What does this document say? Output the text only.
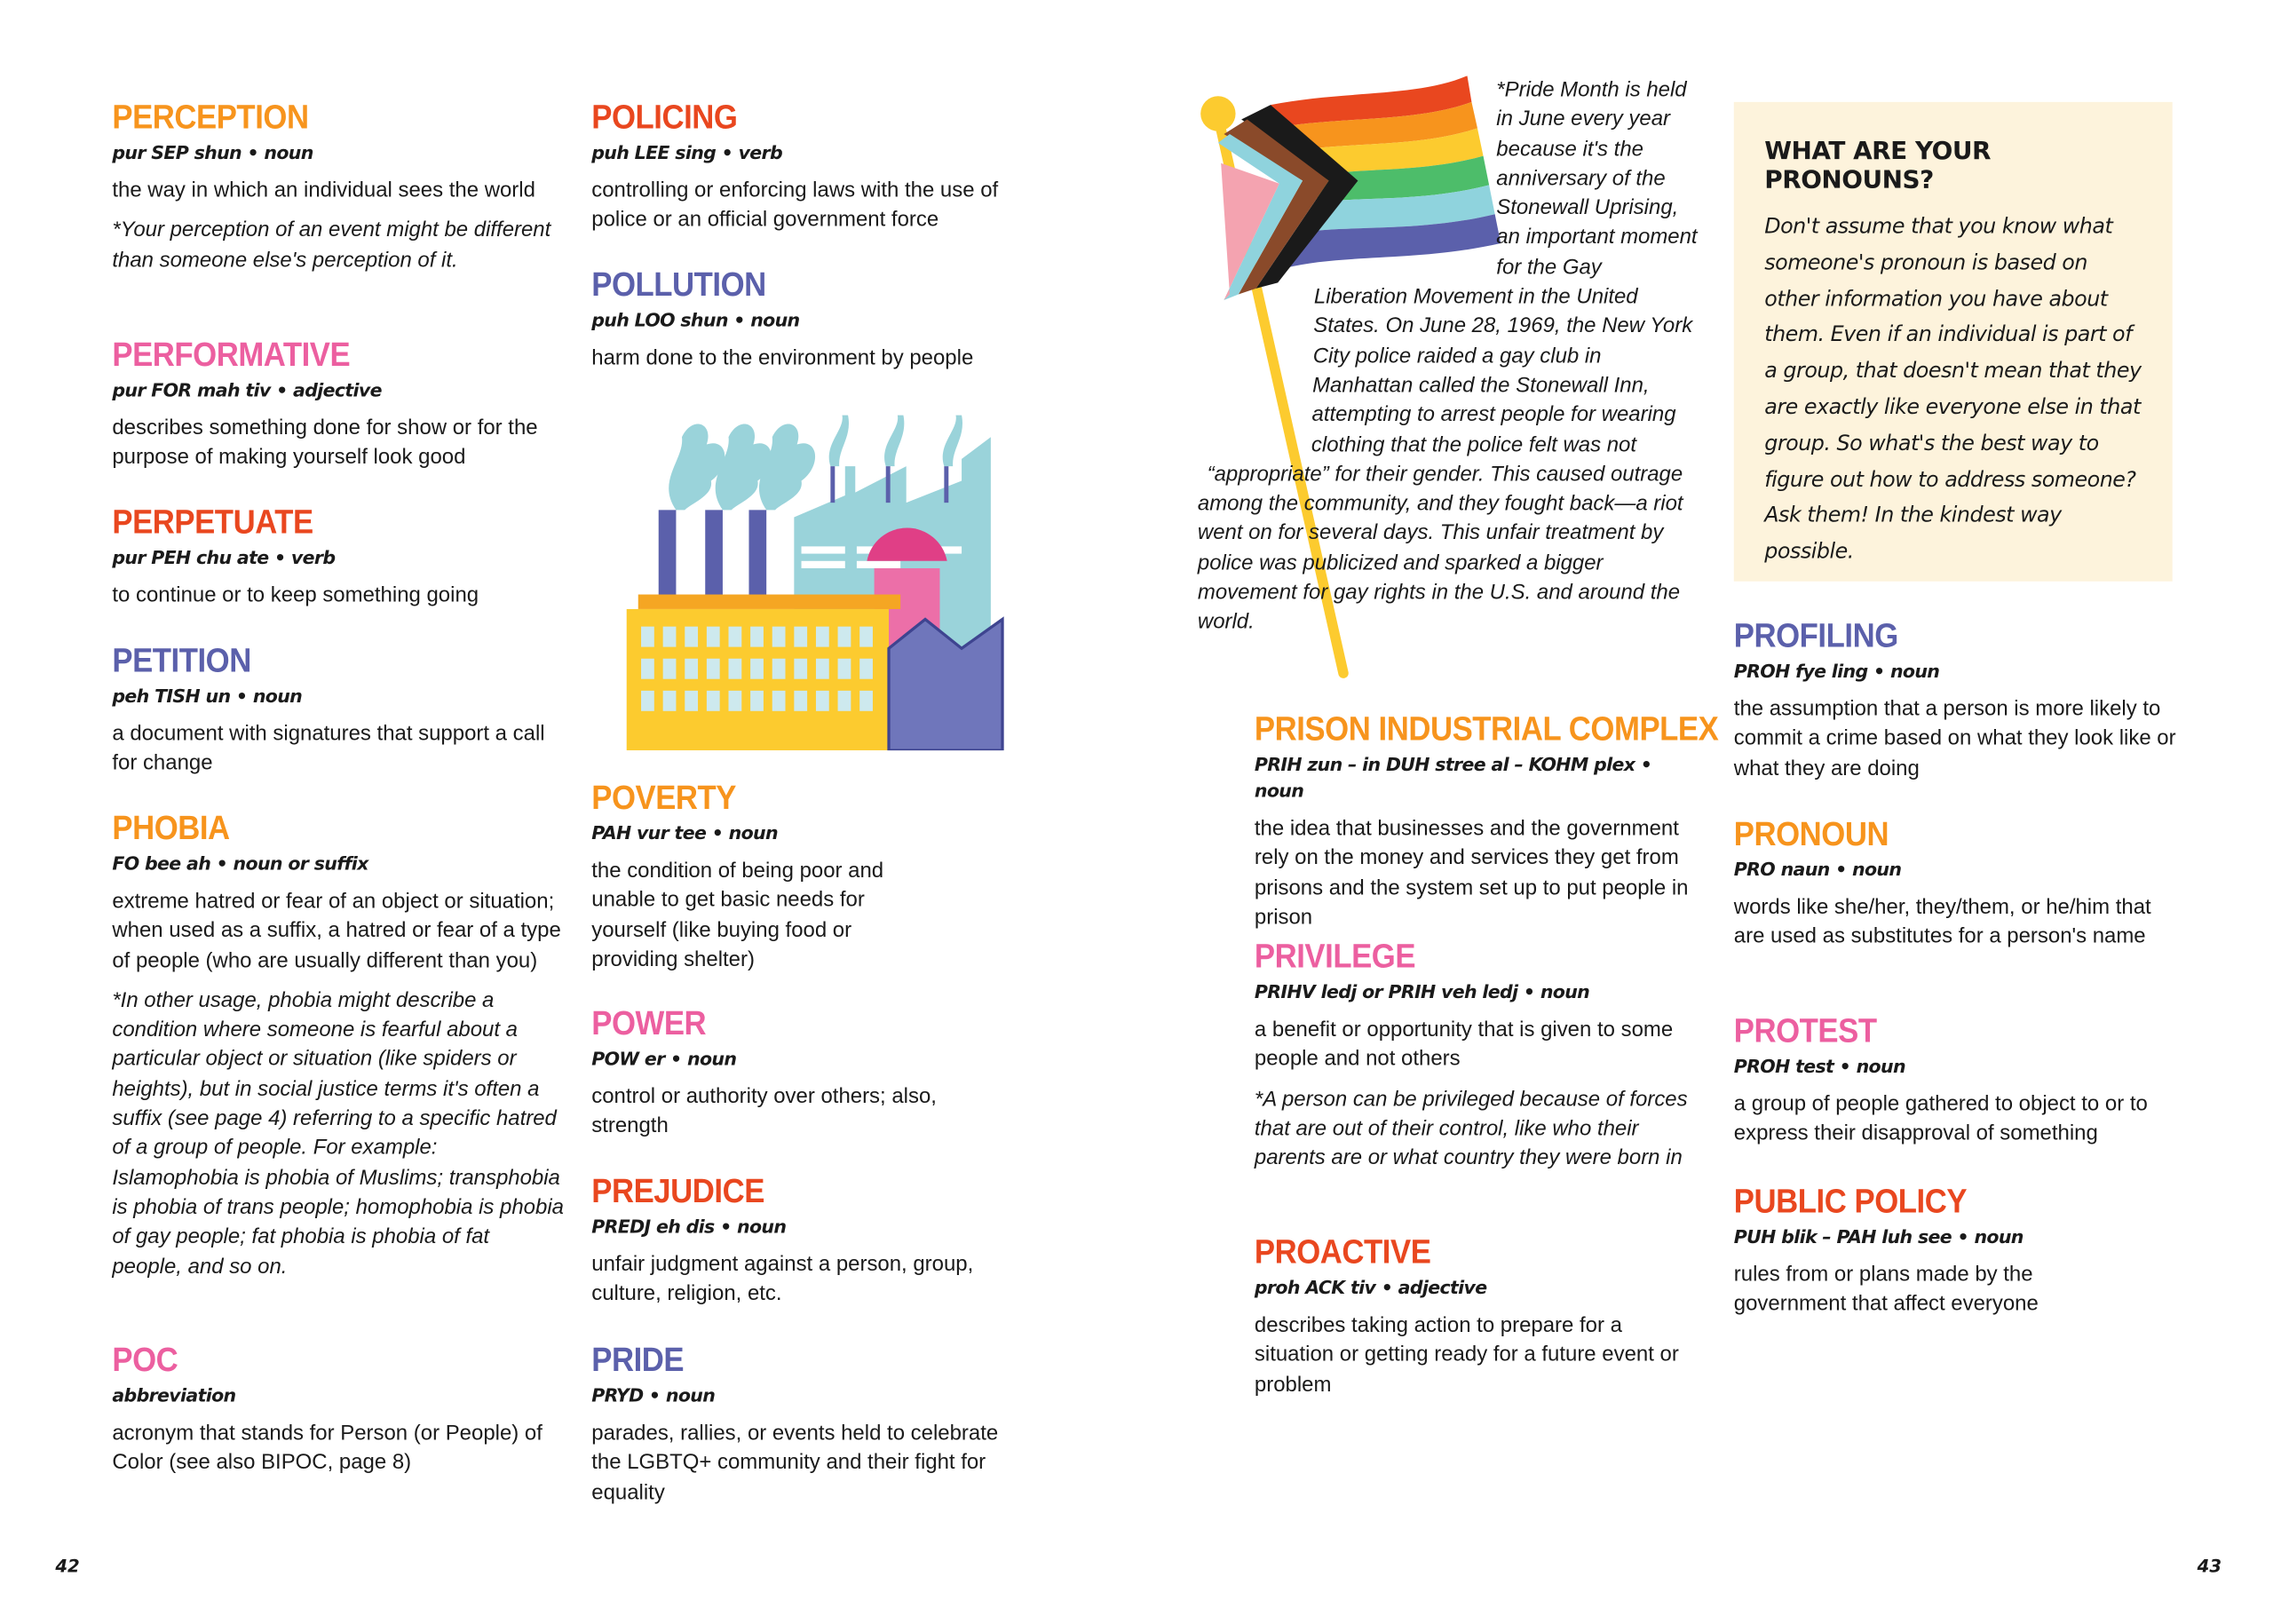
PERCEPTION
pur SEP shun • noun
the way in which an individual sees the world
*Your perception of an event might be different than someone else's perception of it.
PERFORMATIVE
pur FOR mah tiv • adjective
describes something done for show or for the purpose of making yourself look good
PERPETUATE
pur PEH chu ate • verb
to continue or to keep something going
PETITION
peh TISH un • noun
a document with signatures that support a call for change
PHOBIA
FO bee ah • noun or suffix
extreme hatred or fear of an object or situation; when used as a suffix, a hatred or fear of a type of people (who are usually different than you)
*In other usage, phobia might describe a condition where someone is fearful about a particular object or situation (like spiders or heights), but in social justice terms it's often a suffix (see page 4) referring to a specific hatred of a group of people. For example: Islamophobia is phobia of Muslims; transphobia is phobia of trans people; homophobia is phobia of gay people; fat phobia is phobia of fat people, and so on.
POC
abbreviation
acronym that stands for Person (or People) of Color (see also BIPOC, page 8)
POLICING
puh LEE sing • verb
controlling or enforcing laws with the use of police or an official government force
POLLUTION
puh LOO shun • noun
harm done to the environment by people
POVERTY
PAH vur tee • noun
the condition of being poor and unable to get basic needs for yourself (like buying food or providing shelter)
POWER
POW er • noun
control or authority over others; also, strength
PREJUDICE
PREDJ eh dis • noun
unfair judgment against a person, group, culture, religion, etc.
PRIDE
PRYD • noun
parades, rallies, or events held to celebrate the LGBTQ+ community and their fight for equality
42
*Pride Month is held in June every year because it's the anniversary of the Stonewall Uprising, an important moment for the Gay Liberation Movement in the United States. On June 28, 1969, the New York City police raided a gay club in Manhattan called the Stonewall Inn, attempting to arrest people for wearing clothing that the police felt was not “appropriate” for their gender. This caused outrage among the community, and they fought back—a riot went on for several days. This unfair treatment by police was publicized and sparked a bigger movement for gay rights in the U.S. and around the world.
PRISON INDUSTRIAL COMPLEX
PRIH zun – in DUH stree al – KOHM plex • noun
the idea that businesses and the government rely on the money and services they get from prisons and the system set up to put people in prison
PRIVILEGE
PRIHV ledj or PRIH veh ledj • noun
a benefit or opportunity that is given to some people and not others
*A person can be privileged because of forces that are out of their control, like who their parents are or what country they were born in
PROACTIVE
proh ACK tiv • adjective
describes taking action to prepare for a situation or getting ready for a future event or problem
WHAT ARE YOUR PRONOUNS?

Don't assume that you know what someone's pronoun is based on other information you have about them. Even if an individual is part of a group, that doesn't mean that they are exactly like everyone else in that group. So what's the best way to figure out how to address someone? Ask them! In the kindest way possible.

PROFILING
PROH fye ling • noun
the assumption that a person is more likely to commit a crime based on what they look like or what they are doing
PRONOUN
PRO naun • noun
words like she/her, they/them, or he/him that are used as substitutes for a person's name
PROTEST
PROH test • noun
a group of people gathered to object to or to express their disapproval of something
PUBLIC POLICY
PUH blik – PAH luh see • noun
rules from or plans made by the government that affect everyone
43
